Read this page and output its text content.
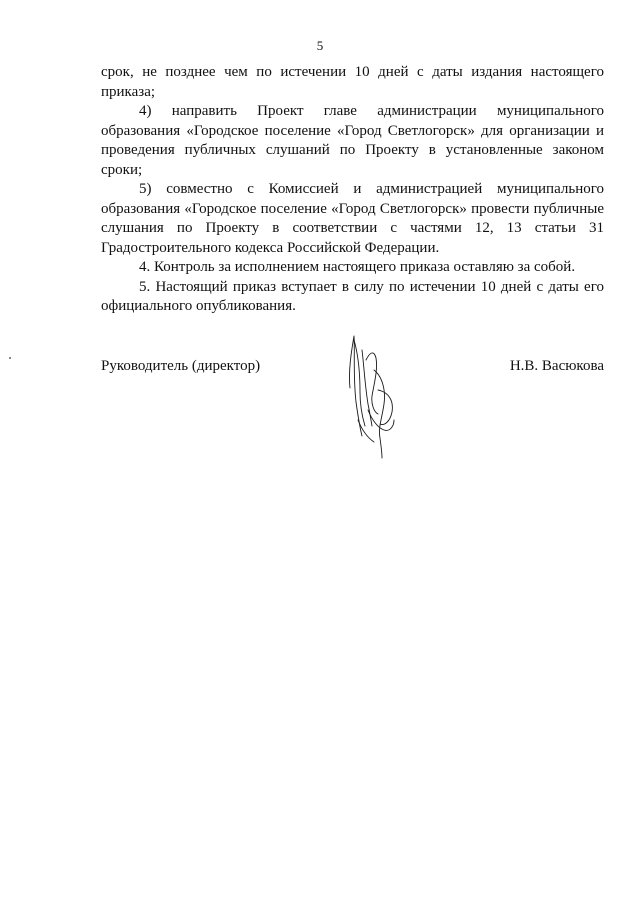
5

срок, не позднее чем по истечении 10 дней с даты издания настоящего приказа;

4) направить Проект главе администрации муниципального образования «Городское поселение «Город Светлогорск» для организации и проведения публичных слушаний по Проекту в установленные законом сроки;

5) совместно с Комиссией и администрацией муниципального образования «Городское поселение «Город Светлогорск» провести публичные слушания по Проекту в соответствии с частями 12, 13 статьи 31 Градостроительного кодекса Российской Федерации.

4. Контроль за исполнением настоящего приказа оставляю за собой.

5. Настоящий приказ вступает в силу по истечении 10 дней с даты его официального опубликования.

Руководитель (директор)	Н.В. Васюкова
